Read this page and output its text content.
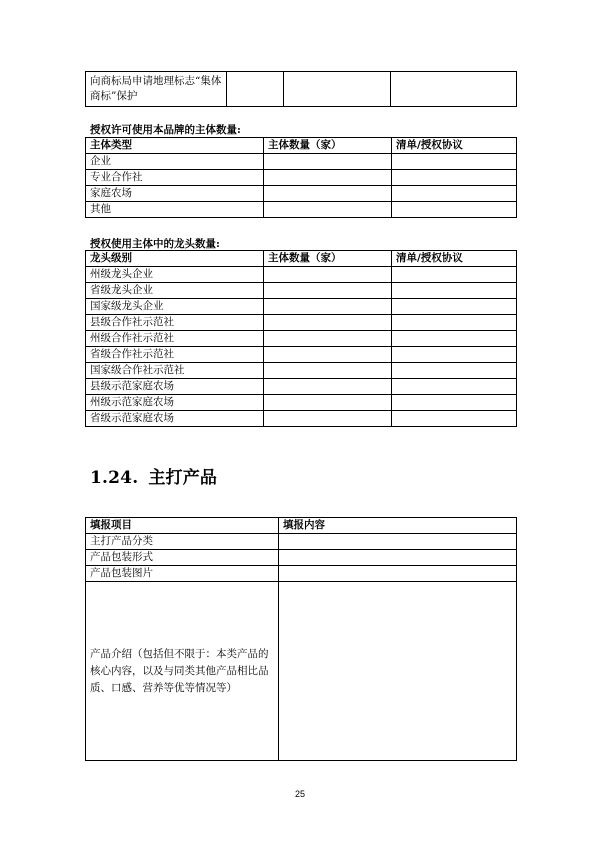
向商标局申请地理标志“集体商标”保护			
授权许可使用本品牌的主体数量:
主体类型	主体数量（家）	清单/授权协议
企业		
专业合作社		
家庭农场		
其他		
授权使用主体中的龙头数量:
龙头级别	主体数量（家）	清单/授权协议
州级龙头企业		
省级龙头企业		
国家级龙头企业		
县级合作社示范社		
州级合作社示范社		
省级合作社示范社		
国家级合作社示范社		
县级示范家庭农场		
州级示范家庭农场		
省级示范家庭农场		
1.24. 主打产品
填报项目	填报内容
主打产品分类	
产品包装形式	
产品包装图片	
产品介绍（包括但不限于：本类产品的核心内容，以及与同类其他产品相比品质、口感、营养等优等情况等）	
25
